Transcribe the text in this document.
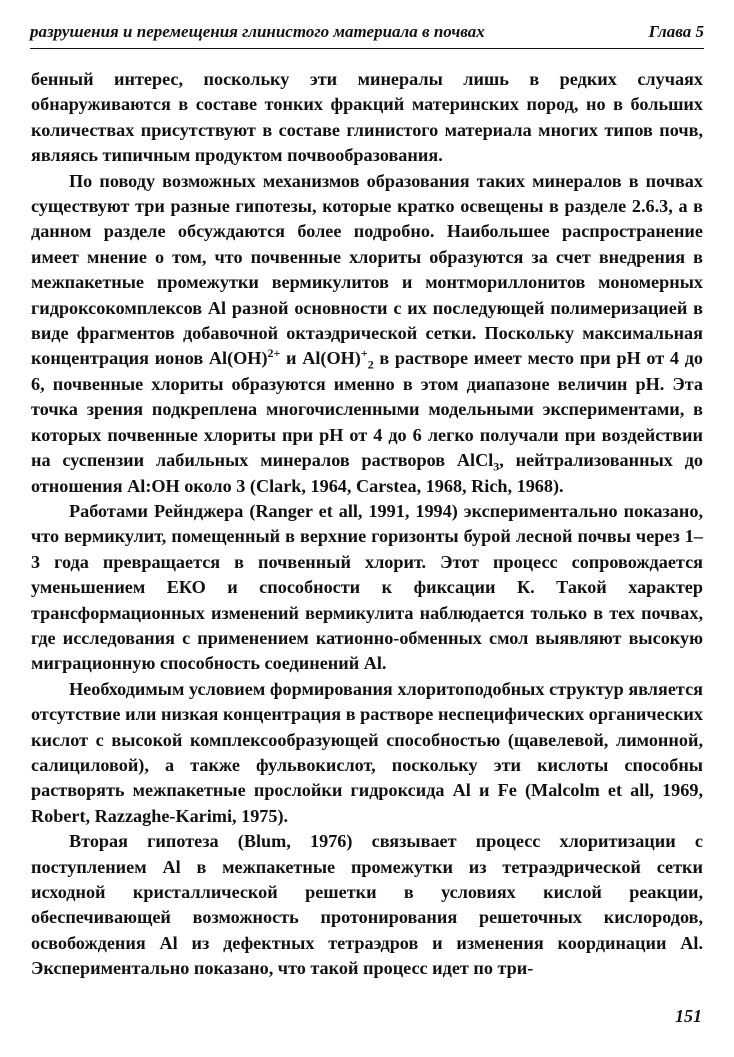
разрушения и перемещения глинистого материала в почвах	Глава 5

бенный интерес, поскольку эти минералы лишь в редких случаях обнаруживаются в составе тонких фракций материнских пород, но в больших количествах присутствуют в составе глинистого материала многих типов почв, являясь типичным продуктом почвообразования.

По поводу возможных механизмов образования таких минералов в почвах существуют три разные гипотезы, которые кратко освещены в разделе 2.6.3, а в данном разделе обсуждаются более подробно. Наибольшее распространение имеет мнение о том, что почвенные хлориты образуются за счет внедрения в межпакетные промежутки вермикулитов и монтмориллонитов мономерных гидроксокомплексов Al разной основности с их последующей полимеризацией в виде фрагментов добавочной октаэдрической сетки. Поскольку максимальная концентрация ионов Al(OH)$^{2+}$ и $Al(OH)^+_2$ в растворе имеет место при pH от 4 до 6, почвенные хлориты образуются именно в этом диапазоне величин pH. Эта точка зрения подкреплена многочисленными модельными экспериментами, в которых почвенные хлориты при pH от 4 до 6 легко получали при воздействии на суспензии лабильных минералов растворов AlCl$_3$, нейтрализованных до отношения Al:OH около 3 (Clark, 1964, Carstea, 1968, Rich, 1968).

Работами Рейнджера (Ranger et all, 1991, 1994) экспериментально показано, что вермикулит, помещенный в верхние горизонты бурой лесной почвы через 1–3 года превращается в почвенный хлорит. Этот процесс сопровождается уменьшением ЕКО и способности к фиксации К. Такой характер трансформационных изменений вермикулита наблюдается только в тех почвах, где исследования с применением катионно-обменных смол выявляют высокую миграционную способность соединений Al.

Необходимым условием формирования хлоритоподобных структур является отсутствие или низкая концентрация в растворе неспецифических органических кислот с высокой комплексообразующей способностью (щавелевой, лимонной, салициловой), а также фульвокислот, поскольку эти кислоты способны растворять межпакетные прослойки гидроксида Al и Fe (Malcolm et all, 1969, Robert, Razzaghe-Karimi, 1975).

Вторая гипотеза (Blum, 1976) связывает процесс хлоритизации с поступлением Al в межпакетные промежутки из тетраэдрической сетки исходной кристаллической решетки в условиях кислой реакции, обеспечивающей возможность протонирования решеточных кислородов, освобождения Al из дефектных тетраэдров и изменения координации Al. Экспериментально показано, что такой процесс идет по три-

151
